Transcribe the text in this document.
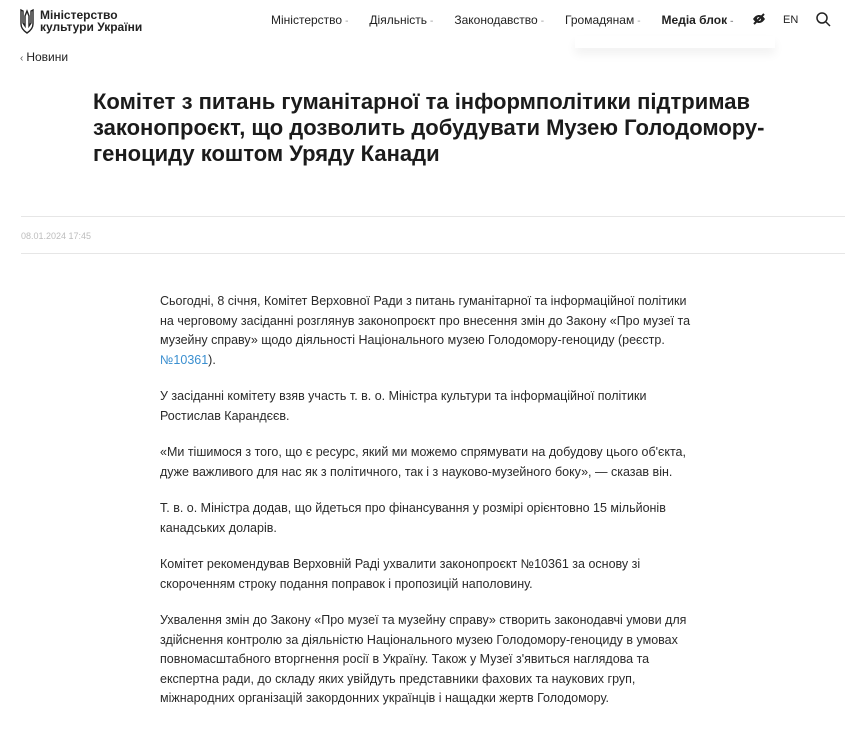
Міністерство
культури України	Міністерство - Діяльність - Законодавство - Громадянам - Медіа блок -	EN
‹ Новини
Комітет з питань гуманітарної та інформполітики підтримав законопроєкт, що дозволить добудувати Музею Голодомору-геноциду коштом Уряду Канади
08.01.2024 17:45

Сьогодні, 8 січня, Комітет Верховної Ради з питань гуманітарної та інформаційної політики на черговому засіданні розглянув законопроєкт про внесення змін до Закону «Про музеї та музейну справу» щодо діяльності Національного музею Голодомору-геноциду (реєстр. №10361).

У засіданні комітету взяв участь т. в. о. Міністра культури та інформаційної політики Ростислав Карандєєв.

«Ми тішимося з того, що є ресурс, який ми можемо спрямувати на добудову цього об'єкта, дуже важливого для нас як з політичного, так і з науково-музейного боку», — сказав він.

Т. в. о. Міністра додав, що йдеться про фінансування у розмірі орієнтовно 15 мільйонів канадських доларів.

Комітет рекомендував Верховній Раді ухвалити законопроєкт №10361 за основу зі скороченням строку подання поправок і пропозицій наполовину.

Ухвалення змін до Закону «Про музеї та музейну справу» створить законодавчі умови для здійснення контролю за діяльністю Національного музею Голодомору-геноциду в умовах повномасштабного вторгнення росії в Україну. Також у Музеї з'явиться наглядова та експертна ради, до складу яких увійдуть представники фахових та наукових груп, міжнародних організацій закордонних українців і нащадки жертв Голодомору.
